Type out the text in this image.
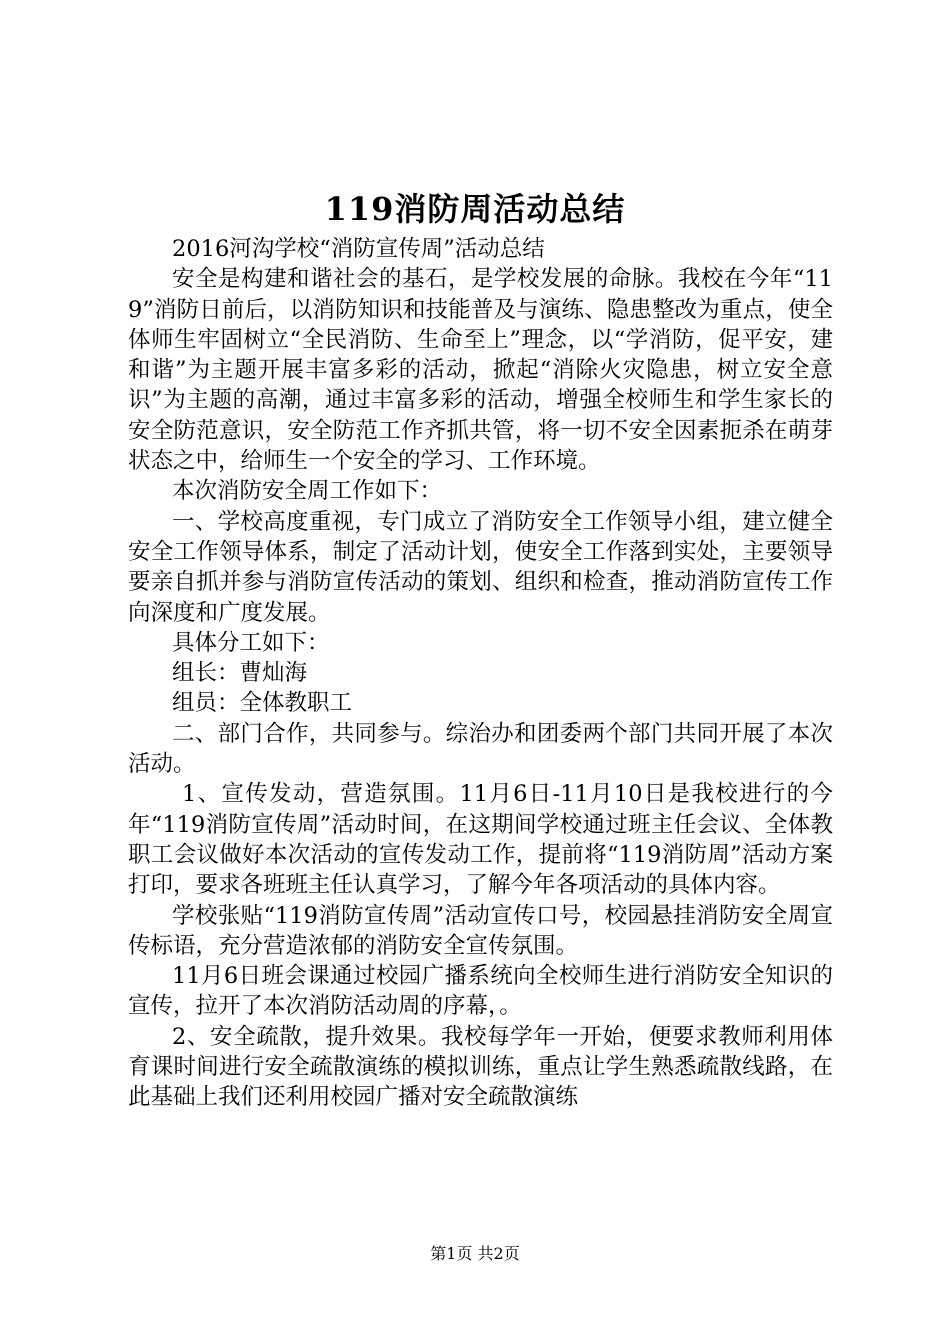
119消防周活动总结

2016河沟学校“消防宣传周”活动总结

安全是构建和谐社会的基石，是学校发展的命脉。我校在今年“119”消防日前后，以消防知识和技能普及与演练、隐患整改为重点，使全体师生牢固树立“全民消防、生命至上”理念，以“学消防，促平安，建和谐”为主题开展丰富多彩的活动，掀起“消除火灾隐患，树立安全意识”为主题的高潮，通过丰富多彩的活动，增强全校师生和学生家长的安全防范意识，安全防范工作齐抓共管，将一切不安全因素扼杀在萌芽状态之中，给师生一个安全的学习、工作环境。

本次消防安全周工作如下：

一、学校高度重视，专门成立了消防安全工作领导小组，建立健全安全工作领导体系，制定了活动计划，使安全工作落到实处，主要领导要亲自抓并参与消防宣传活动的策划、组织和检查，推动消防宣传工作向深度和广度发展。

具体分工如下：

组长：曹灿海

组员：全体教职工

二、部门合作，共同参与。综治办和团委两个部门共同开展了本次活动。

1、宣传发动，营造氛围。11月6日-11月10日是我校进行的今年“119消防宣传周”活动时间，在这期间学校通过班主任会议、全体教职工会议做好本次活动的宣传发动工作，提前将“119消防周”活动方案打印，要求各班班主任认真学习，了解今年各项活动的具体内容。

学校张贴“119消防宣传周”活动宣传口号，校园悬挂消防安全周宣传标语，充分营造浓郁的消防安全宣传氛围。

11月6日班会课通过校园广播系统向全校师生进行消防安全知识的宣传，拉开了本次消防活动周的序幕，。

2、安全疏散，提升效果。我校每学年一开始，便要求教师利用体育课时间进行安全疏散演练的模拟训练，重点让学生熟悉疏散线路，在此基础上我们还利用校园广播对安全疏散演练

第1页 共2页
